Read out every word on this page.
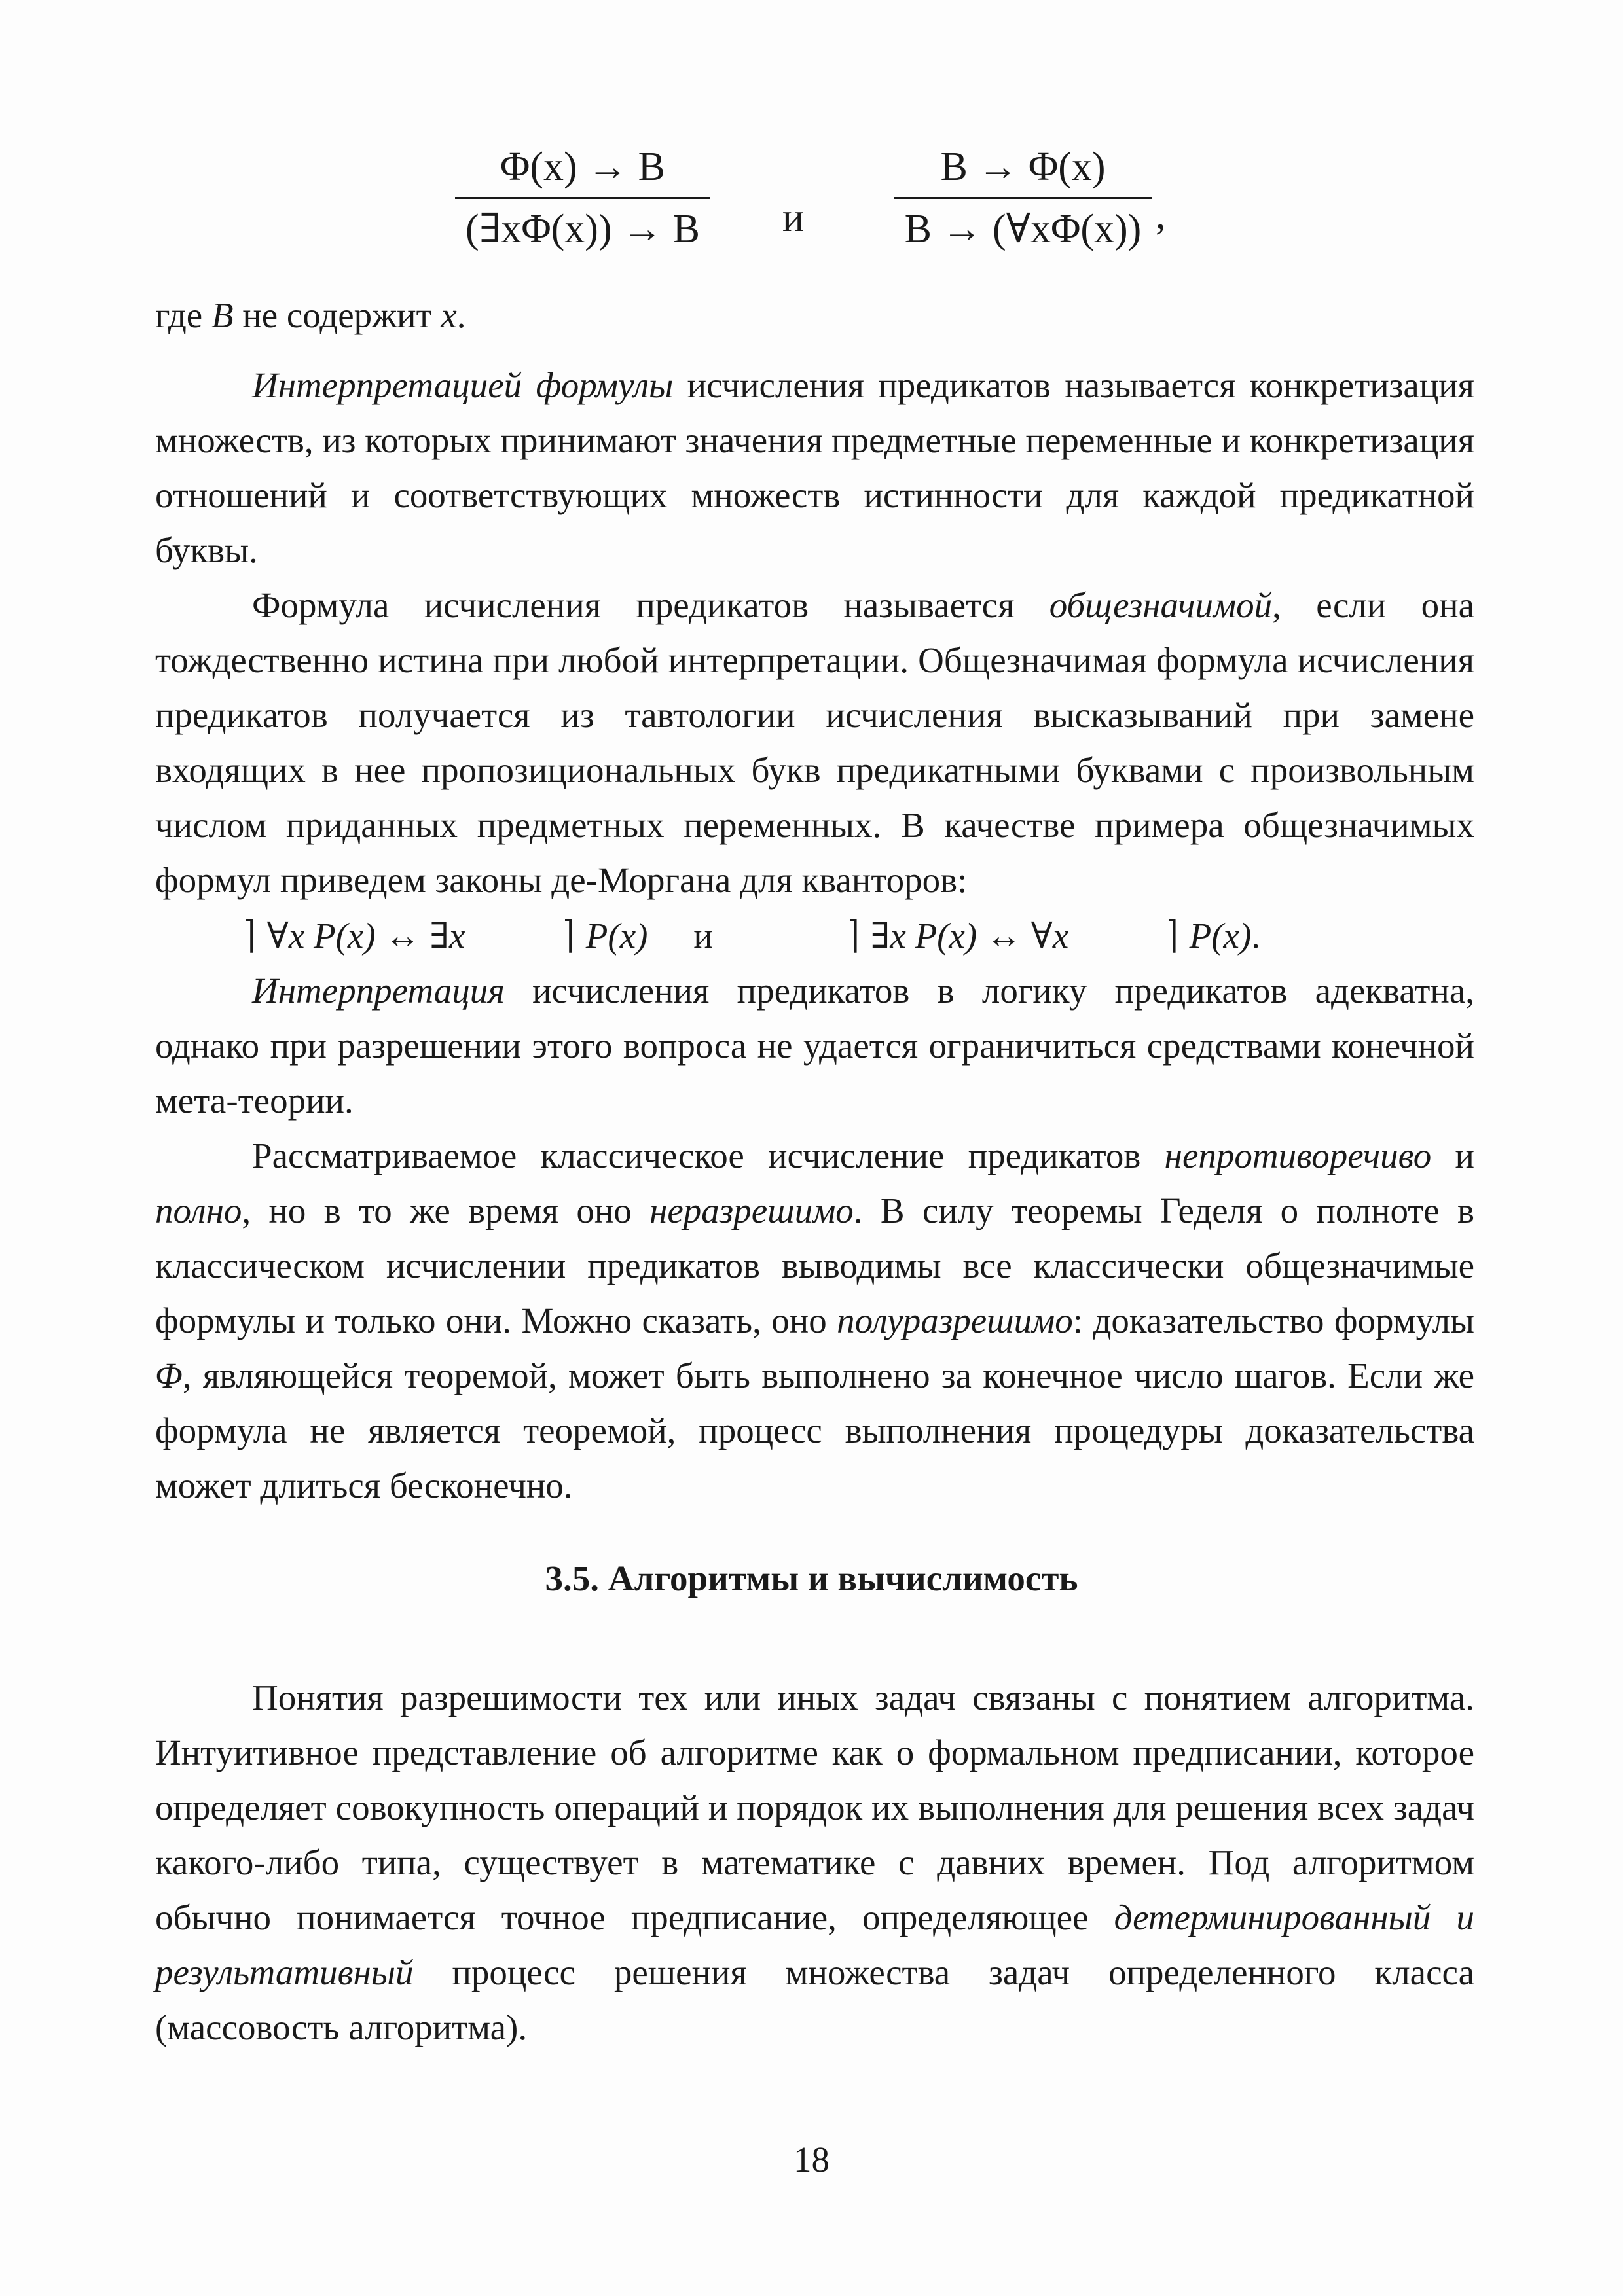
$\frac{\Phi(x) \to B}{(\exists x\Phi(x)) \to B}$ и $\frac{B \to \Phi(x)}{B \to (\forall x\Phi(x))}$ ,

где B не содержит x.

Интерпретацией формулы исчисления предикатов называется конкретизация множеств, из которых принимают значения предметные переменные и конкретизация отношений и соответствующих множеств истинности для каждой предикатной буквы.

Формула исчисления предикатов называется общезначимой, если она тождественно истина при любой интерпретации. Общезначимая формула исчисления предикатов получается из тавтологии исчисления высказываний при замене входящих в нее пропозициональных букв предикатными буквами с произвольным числом приданных предметных переменных. В качестве примера общезначимых формул приведем законы де-Моргана для кванторов:
⌉ ∀x P(x) ↔ ∃x ⌉ P(x) и	⌉ ∃x P(x) ↔ ∀x ⌉ P(x).

Интерпретация исчисления предикатов в логику предикатов адекватна, однако при разрешении этого вопроса не удается ограничиться средствами конечной мета-теории.

Рассматриваемое классическое исчисление предикатов непротиворечиво и полно, но в то же время оно неразрешимо. В силу теоремы Геделя о полноте в классическом исчислении предикатов выводимы все классически общезначимые формулы и только они. Можно сказать, оно полуразрешимо: доказательство формулы Φ, являющейся теоремой, может быть выполнено за конечное число шагов. Если же формула не является теоремой, процесс выполнения процедуры доказательства может длиться бесконечно.

3.5. Алгоритмы и вычислимость

Понятия разрешимости тех или иных задач связаны с понятием алгоритма. Интуитивное представление об алгоритме как о формальном предписании, которое определяет совокупность операций и порядок их выполнения для решения всех задач какого-либо типа, существует в математике с давних времен. Под алгоритмом обычно понимается точное предписание, определяющее детерминированный и результативный процесс решения множества задач определенного класса (массовость алгоритма).

18
